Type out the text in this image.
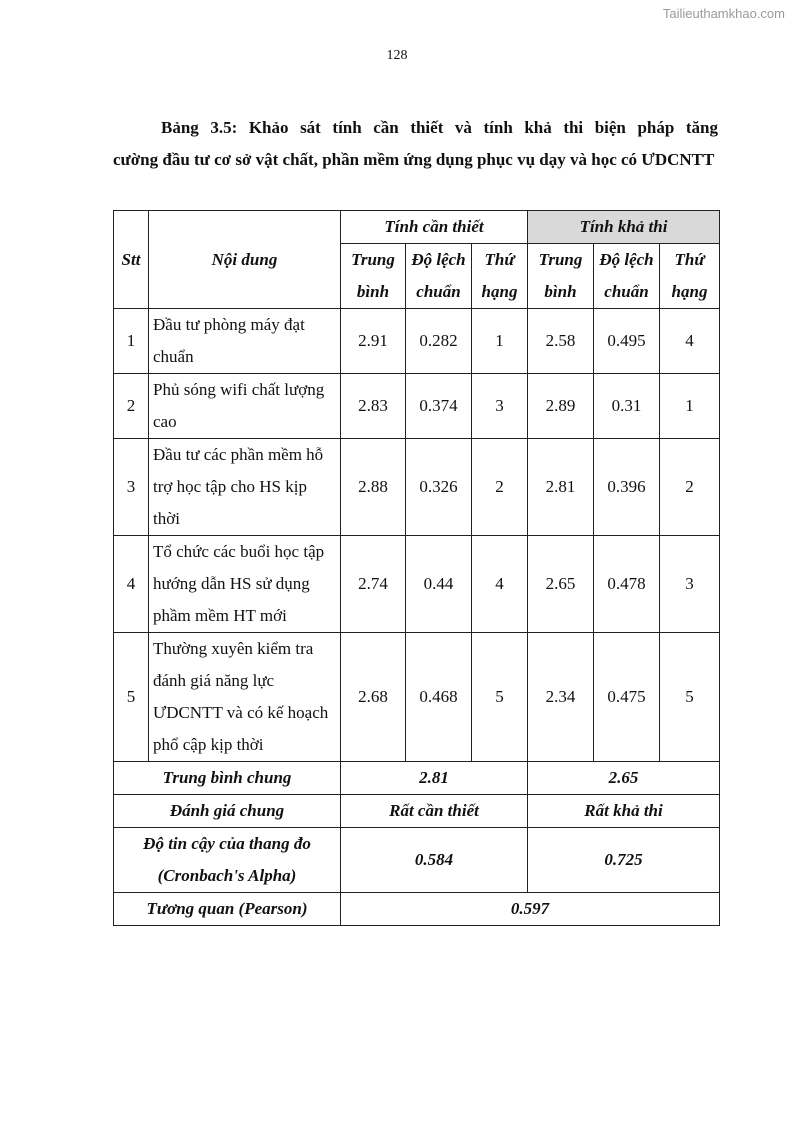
Tailieuthamkhao.com
128
Bảng 3.5: Khảo sát tính cần thiết và tính khả thi biện pháp tăng
cường đầu tư cơ sở vật chất, phần mềm ứng dụng phục vụ dạy và học có ƯDCNTT
Stt	Nội dung	Tính cần thiết			Tính khả thi		
		Trung bình	Độ lệch chuẩn	Thứ hạng	Trung bình	Độ lệch chuẩn	Thứ hạng
1	Đầu tư phòng máy đạt chuẩn	2.91	0.282	1	2.58	0.495	4
2	Phủ sóng wifi chất lượng cao	2.83	0.374	3	2.89	0.31	1
3	Đầu tư các phần mềm hỗ trợ học tập cho HS kịp thời	2.88	0.326	2	2.81	0.396	2
4	Tổ chức các buổi học tập hướng dẫn HS sử dụng phầm mềm HT mới	2.74	0.44	4	2.65	0.478	3
5	Thường xuyên kiểm tra đánh giá năng lực ƯDCNTT và có kế hoạch phổ cập kịp thời	2.68	0.468	5	2.34	0.475	5
Trung bình chung		2.81			2.65		
Đánh giá chung		Rất cần thiết			Rất khả thi		

Độ tin cậy của thang đo
(Cronbach's Alpha)		0.584			0.725		
Tương quan (Pearson)		0.597					
